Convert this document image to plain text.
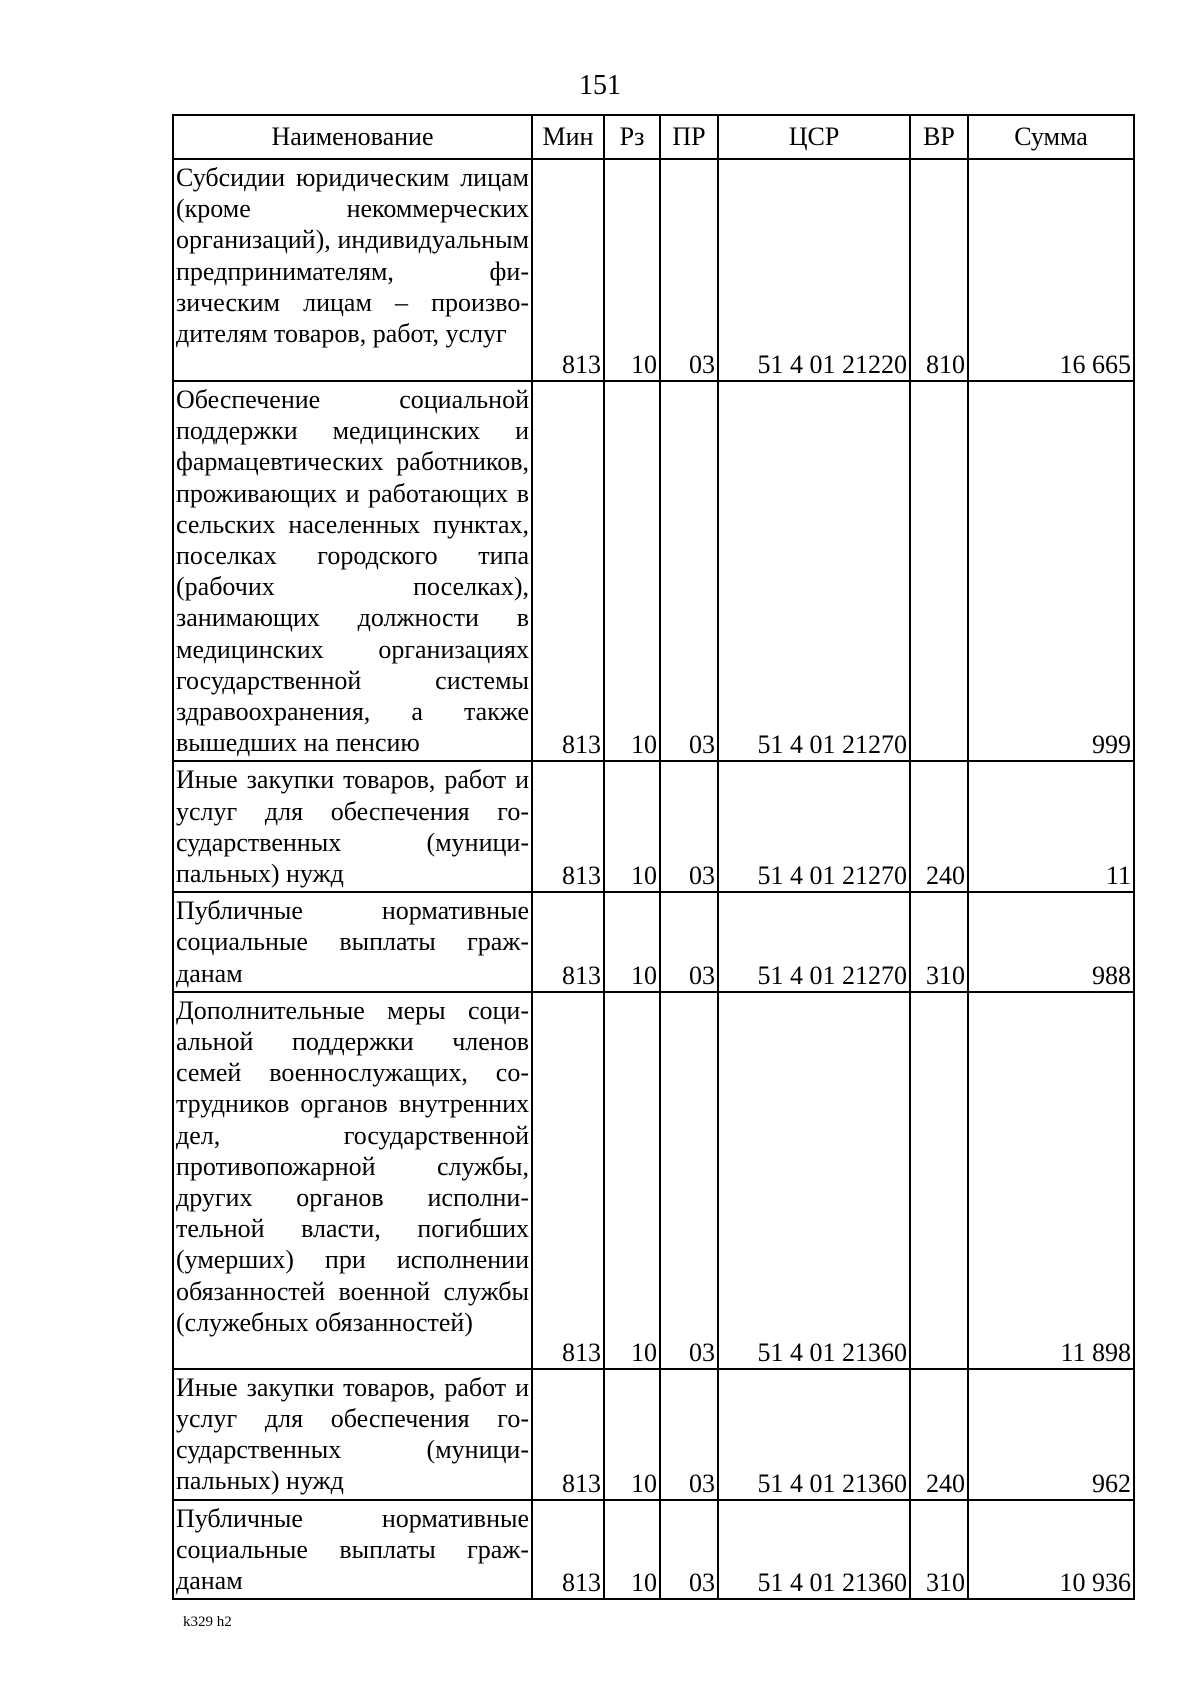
151
Наименование	Мин	Рз	ПР	ЦСР	ВР	Сумма
Субсидии юридическим лицам (кроме некоммерческих организаций), индивидуальным предпринимателям, физическим лицам – производителям товаров, работ, услуг	813	10	03	51 4 01 21220	810	16 665
Обеспечение социальной поддержки медицинских и фармацевтических работников, проживающих и работающих в сельских населенных пунктах, поселках городского типа (рабочих поселках), занимающих должности в медицинских организациях государственной системы здравоохранения, а также вышедших на пенсию	813	10	03	51 4 01 21270		999
Иные закупки товаров, работ и услуг для обеспечения государственных (муниципальных) нужд	813	10	03	51 4 01 21270	240	11
Публичные нормативные социальные выплаты гражданам	813	10	03	51 4 01 21270	310	988
Дополнительные меры социальной поддержки членов семей военнослужащих, сотрудников органов внутренних дел, государственной противопожарной службы, других органов исполнительной власти, погибших (умерших) при исполнении обязанностей военной службы (служебных обязанностей)	813	10	03	51 4 01 21360		11 898
Иные закупки товаров, работ и услуг для обеспечения государственных (муниципальных) нужд	813	10	03	51 4 01 21360	240	962
Публичные нормативные социальные выплаты гражданам	813	10	03	51 4 01 21360	310	10 936
k329 h2
